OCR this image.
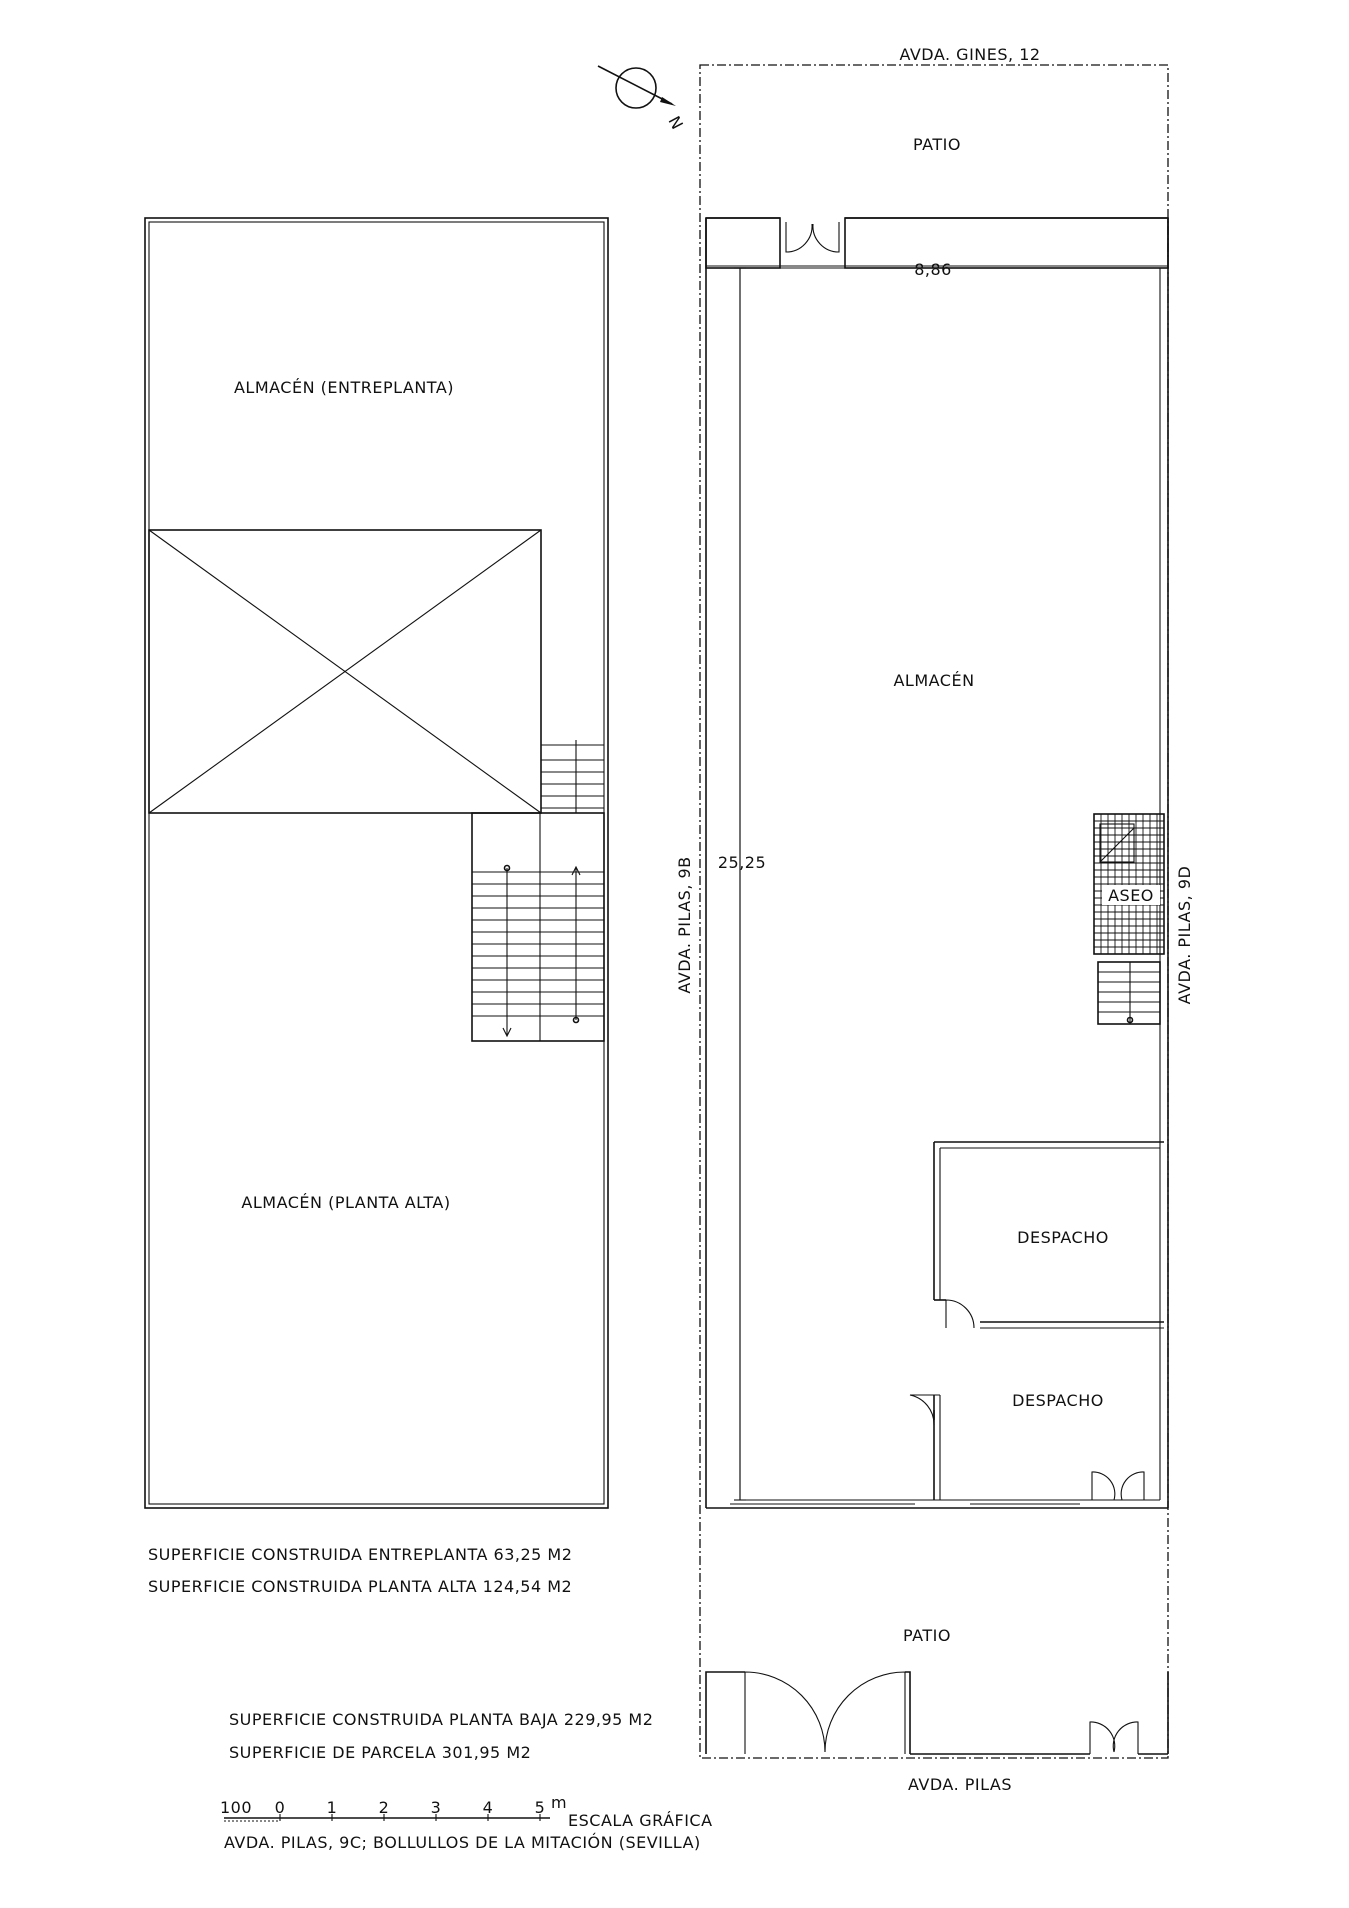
ALMACÉN (ENTREPLANTA)
ALMACÉN (PLANTA ALTA)
8,86
25,25
ASEO
DESPACHO
DESPACHO
ALMACÉN
PATIO
PATIO
AVDA. GINES, 12
AVDA. PILAS
AVDA. PILAS, 9B	AVDA. PILAS, 9D
N
SUPERFICIE CONSTRUIDA ENTREPLANTA 63,25 M2
SUPERFICIE CONSTRUIDA PLANTA ALTA 124,54 M2
SUPERFICIE CONSTRUIDA PLANTA BAJA 229,95 M2
SUPERFICIE DE PARCELA 301,95 M2
100 0	1	2	3	4	5 m
ESCALA GRÁFICA
AVDA. PILAS, 9C; BOLLULLOS DE LA MITACIÓN (SEVILLA)
